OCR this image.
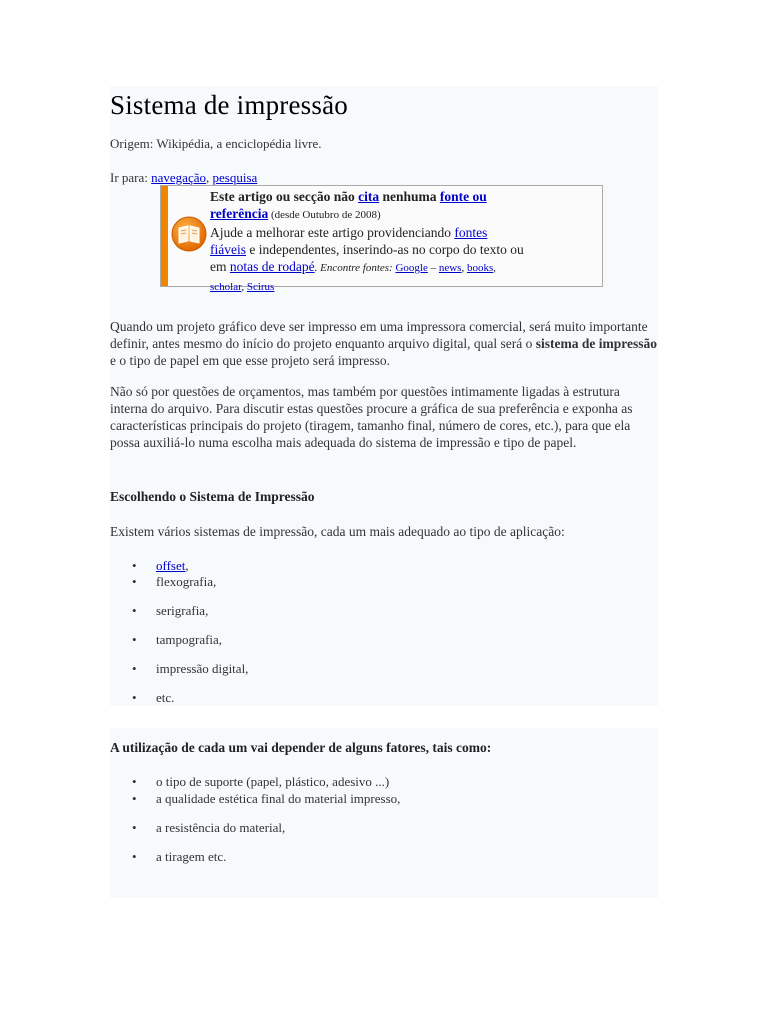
Sistema de impressão
Origem: Wikipédia, a enciclopédia livre.
Ir para: navegação, pesquisa
Este artigo ou secção não cita nenhuma fonte ou
referência (desde Outubro de 2008)
Ajude a melhorar este artigo providenciando fontes
fiáveis e independentes, inserindo-as no corpo do texto ou
em notas de rodapé. Encontre fontes: Google – news, books,
scholar, Scirus

Quando um projeto gráfico deve ser impresso em uma impressora comercial, será muito importante definir, antes mesmo do início do projeto enquanto arquivo digital, qual será o sistema de impressão e o tipo de papel em que esse projeto será impresso.

Não só por questões de orçamentos, mas também por questões intimamente ligadas à estrutura interna do arquivo. Para discutir estas questões procure a gráfica de sua preferência e exponha as características principais do projeto (tiragem, tamanho final, número de cores, etc.), para que ela possa auxiliá-lo numa escolha mais adequada do sistema de impressão e tipo de papel.

Escolhendo o Sistema de Impressão
Existem vários sistemas de impressão, cada um mais adequado ao tipo de aplicação:
• offset,
• flexografia,
• serigrafia,
• tampografia,
• impressão digital,
• etc.
A utilização de cada um vai depender de alguns fatores, tais como:
• o tipo de suporte (papel, plástico, adesivo ...)
• a qualidade estética final do material impresso,
• a resistência do material,
• a tiragem etc.
